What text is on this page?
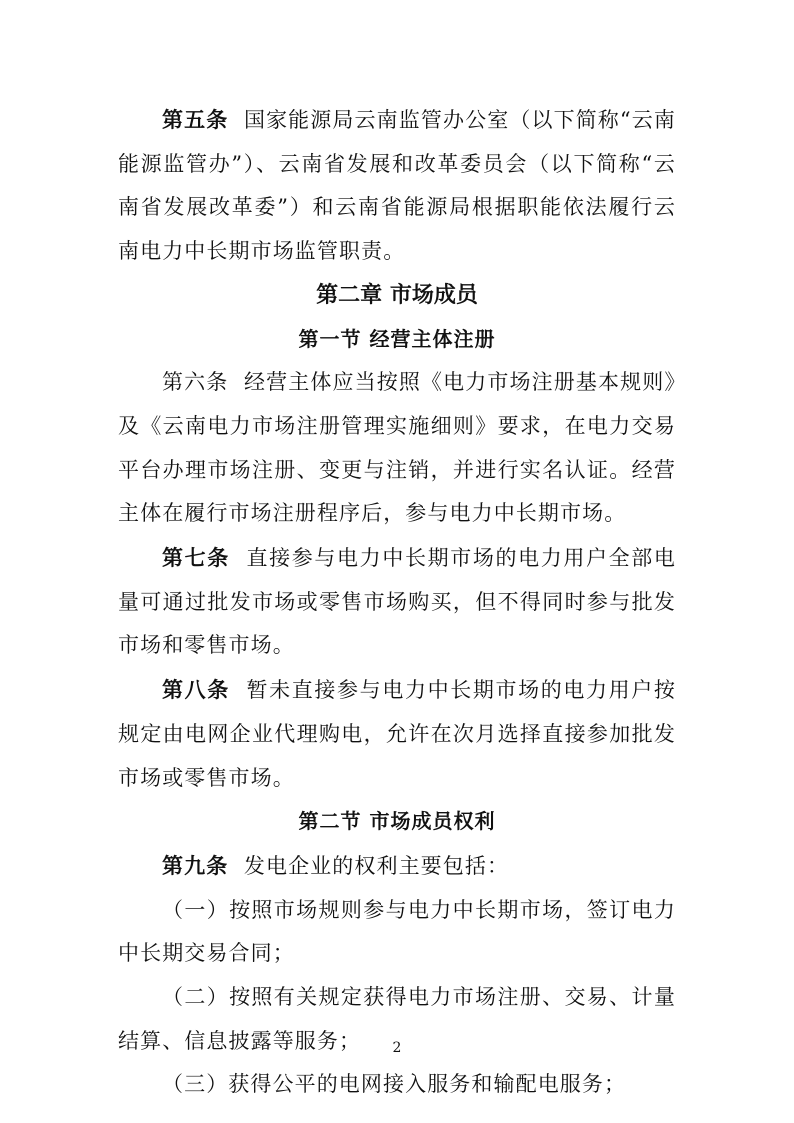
第五条 国家能源局云南监管办公室（以下简称“云南能源监管办”）、云南省发展和改革委员会（以下简称“云南省发展改革委”）和云南省能源局根据职能依法履行云南电力中长期市场监管职责。

第二章 市场成员

第一节 经营主体注册

第六条 经营主体应当按照《电力市场注册基本规则》及《云南电力市场注册管理实施细则》要求，在电力交易平台办理市场注册、变更与注销，并进行实名认证。经营主体在履行市场注册程序后，参与电力中长期市场。

第七条 直接参与电力中长期市场的电力用户全部电量可通过批发市场或零售市场购买，但不得同时参与批发市场和零售市场。

第八条 暂未直接参与电力中长期市场的电力用户按规定由电网企业代理购电，允许在次月选择直接参加批发市场或零售市场。

第二节 市场成员权利

第九条 发电企业的权利主要包括：

（一）按照市场规则参与电力中长期市场，签订电力中长期交易合同；

（二）按照有关规定获得电力市场注册、交易、计量结算、信息披露等服务；

（三）获得公平的电网接入服务和输配电服务；

2
